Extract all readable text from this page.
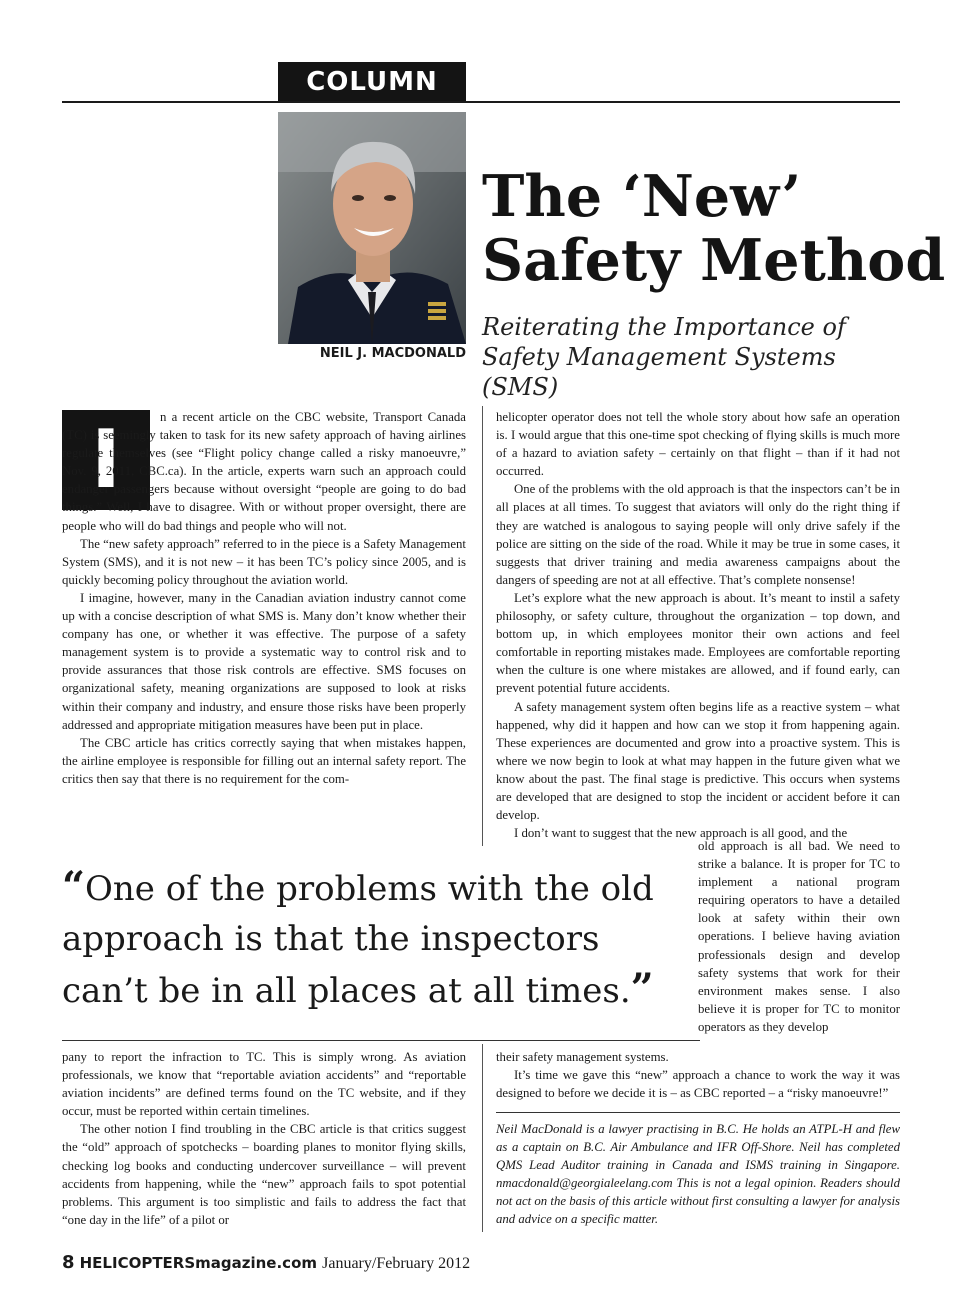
COLUMN
NEIL J. MACDONALD
The ‘New’
Safety Method
Reiterating the Importance of Safety Management Systems (SMS)
I	n a recent article on the CBC website, Transport Canada (TC) is seemingly taken to task for its new safety approach of having airlines regulate themselves (see “Flight policy change called a risky manoeuvre,” Nov. 9, 2011, CBC.ca). In the article, experts warn such an approach could endanger passengers because without oversight “people are going to do bad things.” Well, I have to disagree. With or without proper oversight, there are people who will do bad things and people who will not.

The “new safety approach” referred to in the piece is a Safety Management System (SMS), and it is not new – it has been TC’s policy since 2005, and is quickly becoming policy throughout the aviation world.

I imagine, however, many in the Canadian aviation industry cannot come up with a concise description of what SMS is. Many don’t know whether their company has one, or whether it was effective. The purpose of a safety management system is to provide a systematic way to control risk and to provide assurances that those risk controls are effective. SMS focuses on organizational safety, meaning organizations are supposed to look at risks within their company and industry, and ensure those risks have been properly addressed and appropriate mitigation measures have been put in place.

The CBC article has critics correctly saying that when mistakes happen, the airline employee is responsible for filling out an internal safety report. The critics then say that there is no requirement for the com-

helicopter operator does not tell the whole story about how safe an operation is. I would argue that this one-time spot checking of flying skills is much more of a hazard to aviation safety – certainly on that flight – than if it had not occurred.

One of the problems with the old approach is that the inspectors can’t be in all places at all times. To suggest that aviators will only do the right thing if they are watched is analogous to saying people will only drive safely if the police are sitting on the side of the road. While it may be true in some cases, it suggests that driver training and media awareness campaigns about the dangers of speeding are not at all effective. That’s complete nonsense!

Let’s explore what the new approach is about. It’s meant to instil a safety philosophy, or safety culture, throughout the organization – top down, and bottom up, in which employees monitor their own actions and feel comfortable in reporting mistakes made. Employees are comfortable reporting when the culture is one where mistakes are allowed, and if found early, can prevent potential future accidents.

A safety management system often begins life as a reactive system – what happened, why did it happen and how can we stop it from happening again. These experiences are documented and grow into a proactive system. This is where we now begin to look at what may happen in the future given what we know about the past. The final stage is predictive. This occurs when systems are developed that are designed to stop the incident or accident before it can develop.

I don’t want to suggest that the new approach is all good, and the

“One of the problems with the old approach is that the inspectors can’t be in all places at all times.”

old approach is all bad. We need to strike a balance. It is proper for TC to implement a national program requiring operators to have a detailed look at safety within their own operations. I believe having aviation professionals design and develop safety systems that work for their environment makes sense. I also believe it is proper for TC to monitor operators as they develop

pany to report the infraction to TC. This is simply wrong. As aviation professionals, we know that “reportable aviation accidents” and “reportable aviation incidents” are defined terms found on the TC website, and if they occur, must be reported within certain timelines.

The other notion I find troubling in the CBC article is that critics suggest the “old” approach of spotchecks – boarding planes to monitor flying skills, checking log books and conducting undercover surveillance – will prevent accidents from happening, while the “new” approach fails to spot potential problems. This argument is too simplistic and fails to address the fact that “one day in the life” of a pilot or

their safety management systems.

It’s time we gave this “new” approach a chance to work the way it was designed to before we decide it is – as CBC reported – a “risky manoeuvre!”

Neil MacDonald is a lawyer practising in B.C. He holds an ATPL-H and flew as a captain on B.C. Air Ambulance and IFR Off-Shore. Neil has completed QMS Lead Auditor training in Canada and ISMS training in Singapore. nmacdonald@georgialeelang.com This is not a legal opinion. Readers should not act on the basis of this article without first consulting a lawyer for analysis and advice on a specific matter.
8 HELICOPTERSmagazine.com January/February 2012
